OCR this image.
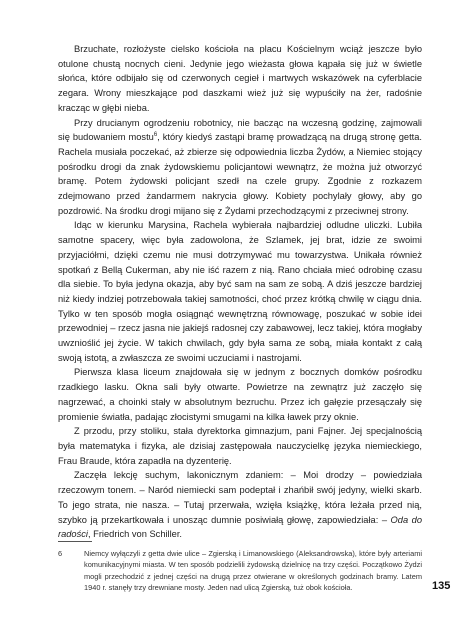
Brzuchate, rozłożyste cielsko kościoła na placu Kościelnym wciąż jeszcze było otulone chustą nocnych cieni. Jedynie jego wieżasta głowa kąpała się już w świetle słońca, które odbijało się od czerwonych cegieł i martwych wskazówek na cyferblacie zegara. Wrony mieszkające pod daszkami wież już się wypuściły na żer, radośnie kracząc w głębi nieba.

Przy drucianym ogrodzeniu robotnicy, nie bacząc na wczesną godzinę, zajmowali się budowaniem mostu$^6$, który kiedyś zastąpi bramę prowadzącą na drugą stronę getta. Rachela musiała poczekać, aż zbierze się odpowiednia liczba Żydów, a Niemiec stojący pośrodku drogi da znak żydowskiemu policjantowi wewnątrz, że można już otworzyć bramę. Potem żydowski policjant szedł na czele grupy. Zgodnie z rozkazem zdejmowano przed żandarmem nakrycia głowy. Kobiety pochylały głowy, aby go pozdrowić. Na środku drogi mijano się z Żydami przechodzącymi z przeciwnej strony.

Idąc w kierunku Marysina, Rachela wybierała najbardziej odludne uliczki. Lubiła samotne spacery, więc była zadowolona, że Szlamek, jej brat, idzie ze swoimi przyjaciółmi, dzięki czemu nie musi dotrzymywać mu towarzystwa. Unikała również spotkań z Bellą Cukerman, aby nie iść razem z nią. Rano chciała mieć odrobinę czasu dla siebie. To była jedyna okazja, aby być sam na sam ze sobą. A dziś jeszcze bardziej niż kiedy indziej potrzebowała takiej samotności, choć przez krótką chwilę w ciągu dnia. Tylko w ten sposób mogła osiągnąć wewnętrzną równowagę, poszukać w sobie idei przewodniej – rzecz jasna nie jakiejś radosnej czy zabawowej, lecz takiej, która mogłaby uwznioślić jej życie. W takich chwilach, gdy była sama ze sobą, miała kontakt z całą swoją istotą, a zwłaszcza ze swoimi uczuciami i nastrojami.

Pierwsza klasa liceum znajdowała się w jednym z bocznych domków pośrodku rzadkiego lasku. Okna sali były otwarte. Powietrze na zewnątrz już zaczęło się nagrzewać, a choinki stały w absolutnym bezruchu. Przez ich gałęzie przesączały się promienie światła, padając złocistymi smugami na kilka ławek przy oknie.

Z przodu, przy stoliku, stała dyrektorka gimnazjum, pani Fajner. Jej specjalnością była matematyka i fizyka, ale dzisiaj zastępowała nauczycielkę języka niemieckiego, Frau Braude, która zapadła na dyzenterię.

Zaczęła lekcję suchym, lakonicznym zdaniem: – Moi drodzy – powiedziała rzeczowym tonem. – Naród niemiecki sam podeptał i zhańbił swój jedyny, wielki skarb. To jego strata, nie nasza. – Tutaj przerwała, wzięła książkę, która leżała przed nią, szybko ją przekartkowała i unosząc dumnie posiwiałą głowę, zapowiedziała: – Oda do radości, Friedrich von Schiller.

6	Niemcy wyłączyli z getta dwie ulice – Zgierską i Limanowskiego (Aleksandrowska), które były arteriami komunikacyjnymi miasta. W ten sposób podzielili żydowską dzielnicę na trzy części. Początkowo Żydzi mogli przechodzić z jednej części na drugą przez otwierane w określonych godzinach bramy. Latem 1940 r. stanęły trzy drewniane mosty. Jeden nad ulicą Zgierską, tuż obok kościoła.	135
